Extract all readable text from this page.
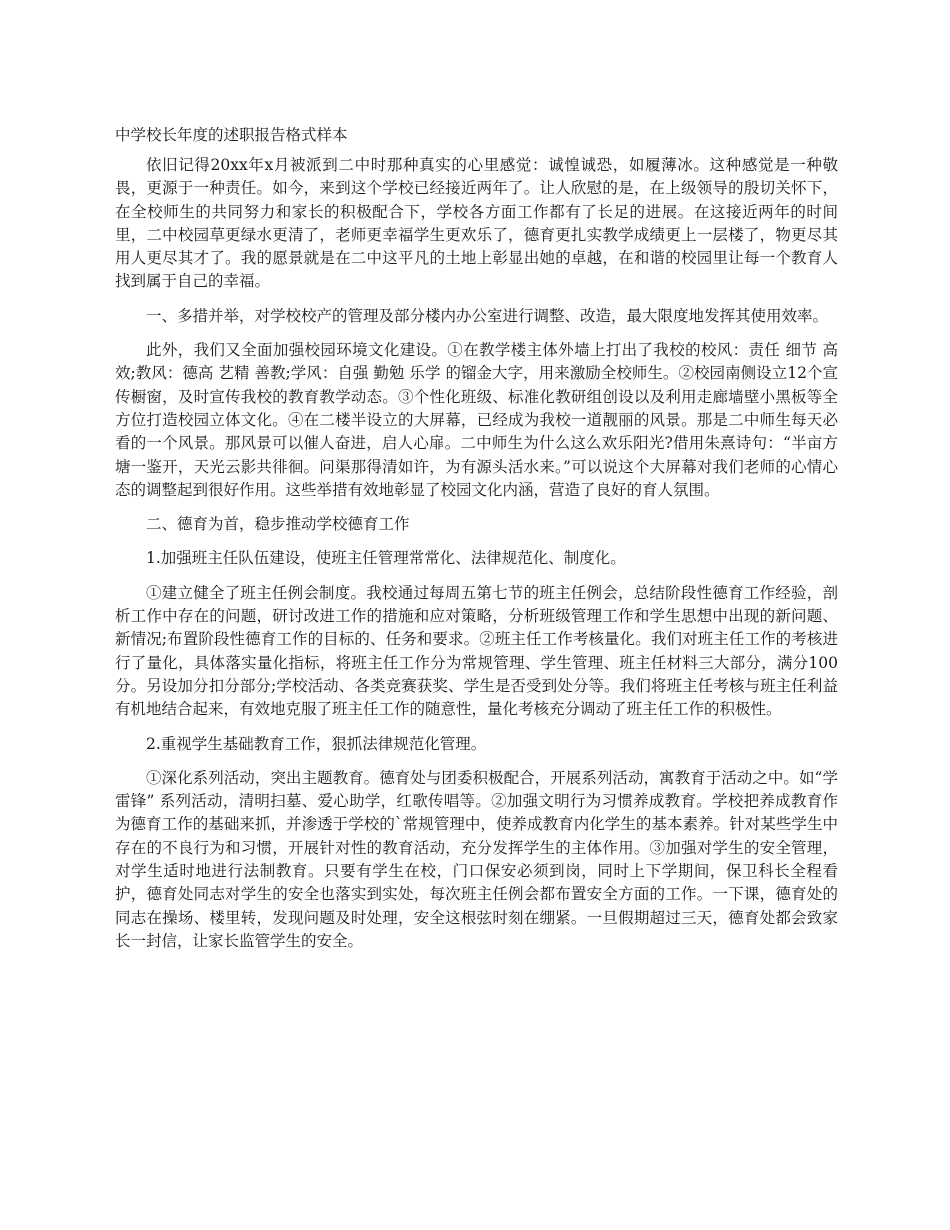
中学校长年度的述职报告格式样本

依旧记得20xx年x月被派到二中时那种真实的心里感觉：诚惶诚恐，如履薄冰。这种感觉是一种敬畏，更源于一种责任。如今，来到这个学校已经接近两年了。让人欣慰的是，在上级领导的殷切关怀下，在全校师生的共同努力和家长的积极配合下，学校各方面工作都有了长足的进展。在这接近两年的时间里，二中校园草更绿水更清了，老师更幸福学生更欢乐了，德育更扎实教学成绩更上一层楼了，物更尽其用人更尽其才了。我的愿景就是在二中这平凡的土地上彰显出她的卓越，在和谐的校园里让每一个教育人找到属于自己的幸福。

一、多措并举，对学校校产的管理及部分楼内办公室进行调整、改造，最大限度地发挥其使用效率。

此外，我们又全面加强校园环境文化建设。①在教学楼主体外墙上打出了我校的校风：责任 细节 高效;教风：德高 艺精 善教;学风：自强 勤勉 乐学 的镏金大字，用来激励全校师生。②校园南侧设立12个宣传橱窗，及时宣传我校的教育教学动态。③个性化班级、标准化教研组创设以及利用走廊墙壁小黑板等全方位打造校园立体文化。④在二楼半设立的大屏幕，已经成为我校一道靓丽的风景。那是二中师生每天必看的一个风景。那风景可以催人奋进，启人心扉。二中师生为什么这么欢乐阳光?借用朱熹诗句：“半亩方塘一鉴开，天光云影共徘徊。问渠那得清如许，为有源头活水来。”可以说这个大屏幕对我们老师的心情心态的调整起到很好作用。这些举措有效地彰显了校园文化内涵，营造了良好的育人氛围。

二、德育为首，稳步推动学校德育工作

1.加强班主任队伍建设，使班主任管理常常化、法律规范化、制度化。

①建立健全了班主任例会制度。我校通过每周五第七节的班主任例会，总结阶段性德育工作经验，剖析工作中存在的问题，研讨改进工作的措施和应对策略，分析班级管理工作和学生思想中出现的新问题、新情况;布置阶段性德育工作的目标的、任务和要求。②班主任工作考核量化。我们对班主任工作的考核进行了量化，具体落实量化指标，将班主任工作分为常规管理、学生管理、班主任材料三大部分，满分100分。另设加分扣分部分;学校活动、各类竞赛获奖、学生是否受到处分等。我们将班主任考核与班主任利益有机地结合起来，有效地克服了班主任工作的随意性，量化考核充分调动了班主任工作的积极性。

2.重视学生基础教育工作，狠抓法律规范化管理。

①深化系列活动，突出主题教育。德育处与团委积极配合，开展系列活动，寓教育于活动之中。如“学雷锋” 系列活动，清明扫墓、爱心助学，红歌传唱等。②加强文明行为习惯养成教育。学校把养成教育作为德育工作的基础来抓，并渗透于学校的`常规管理中，使养成教育内化学生的基本素养。针对某些学生中存在的不良行为和习惯，开展针对性的教育活动，充分发挥学生的主体作用。③加强对学生的安全管理，对学生适时地进行法制教育。只要有学生在校，门口保安必须到岗，同时上下学期间，保卫科长全程看护，德育处同志对学生的安全也落实到实处，每次班主任例会都布置安全方面的工作。一下课，德育处的同志在操场、楼里转，发现问题及时处理，安全这根弦时刻在绷紧。一旦假期超过三天，德育处都会致家长一封信，让家长监管学生的安全。
